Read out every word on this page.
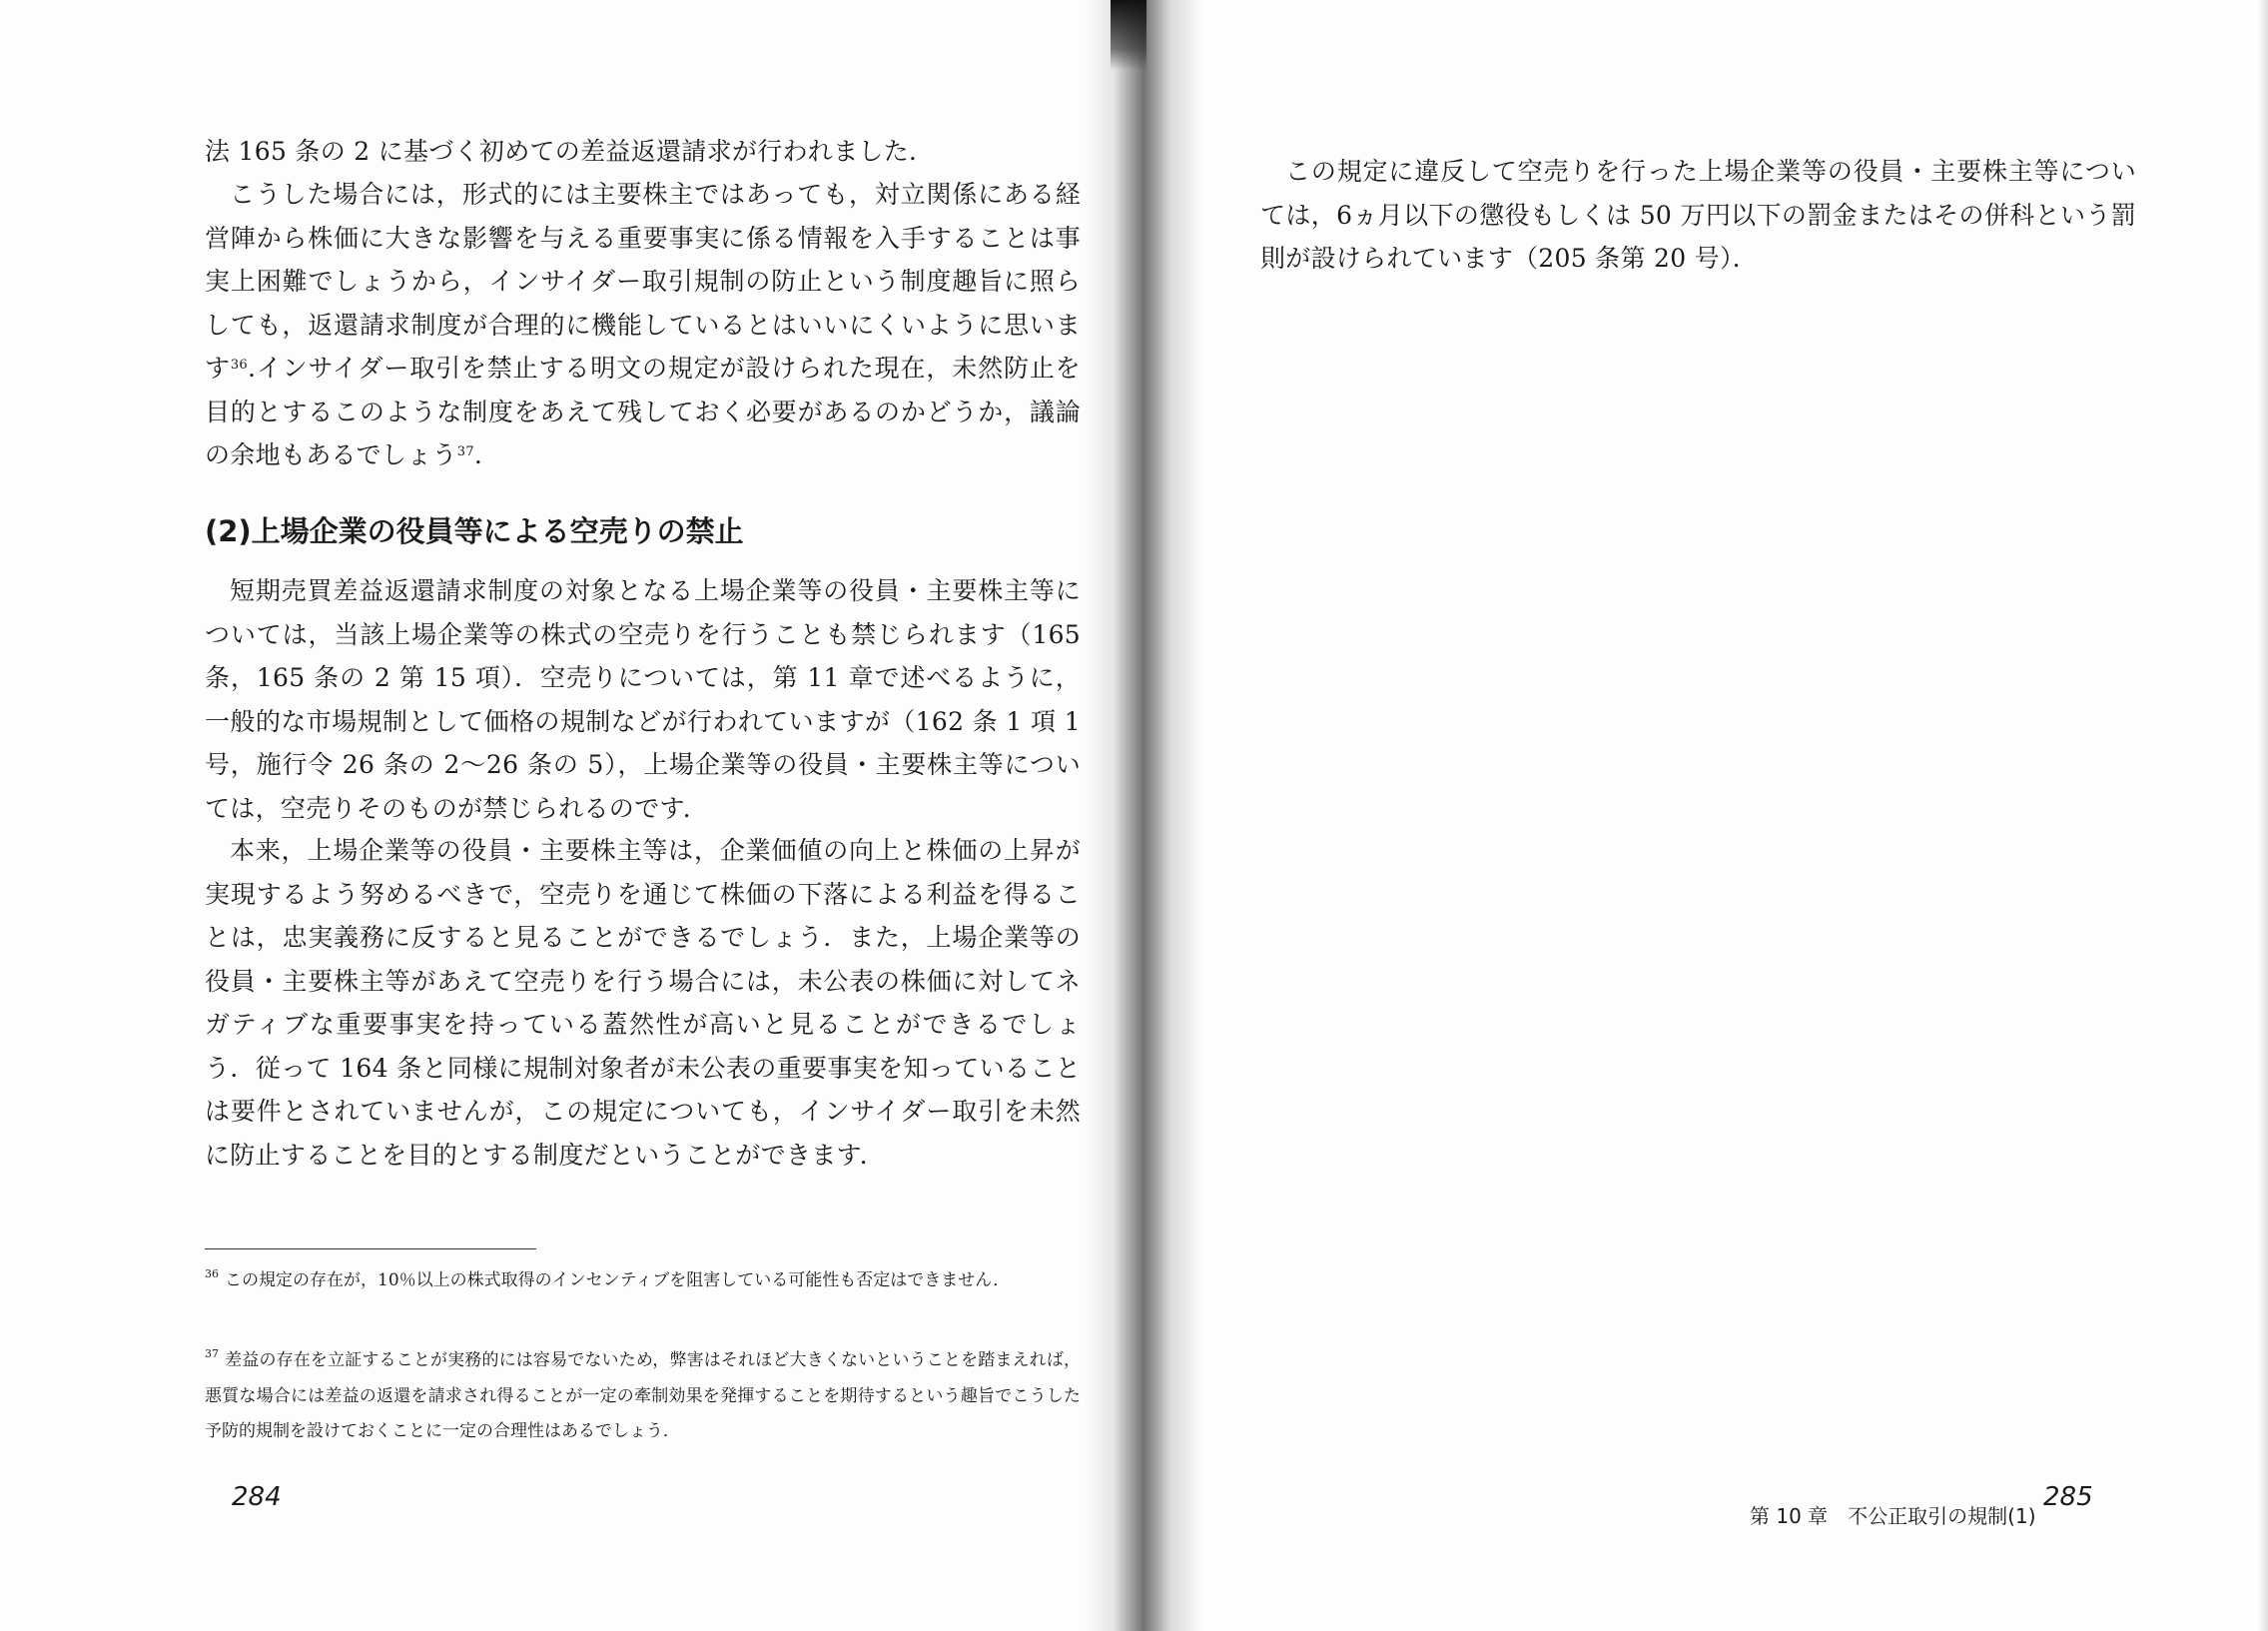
法 165 条の 2 に基づく初めての差益返還請求が行われました．

こうした場合には，形式的には主要株主ではあっても，対立関係にある経営陣から株価に大きな影響を与える重要事実に係る情報を入手することは事実上困難でしょうから，インサイダー取引規制の防止という制度趣旨に照らしても，返還請求制度が合理的に機能しているとはいいにくいように思います$^{36}$.インサイダー取引を禁止する明文の規定が設けられた現在，未然防止を目的とするこのような制度をあえて残しておく必要があるのかどうか，議論の余地もあるでしょう$^{37}$.

(2)上場企業の役員等による空売りの禁止

短期売買差益返還請求制度の対象となる上場企業等の役員・主要株主等については，当該上場企業等の株式の空売りを行うことも禁じられます（165 条，165 条の 2 第 15 項）．空売りについては，第 11 章で述べるように，一般的な市場規制として価格の規制などが行われていますが（162 条 1 項 1 号，施行令 26 条の 2～26 条の 5），上場企業等の役員・主要株主等については，空売りそのものが禁じられるのです．

本来，上場企業等の役員・主要株主等は，企業価値の向上と株価の上昇が実現するよう努めるべきで，空売りを通じて株価の下落による利益を得ることは，忠実義務に反すると見ることができるでしょう．また，上場企業等の役員・主要株主等があえて空売りを行う場合には，未公表の株価に対してネガティブな重要事実を持っている蓋然性が高いと見ることができるでしょう．従って 164 条と同様に規制対象者が未公表の重要事実を知っていることは要件とされていませんが，この規定についても，インサイダー取引を未然に防止することを目的とする制度だということができます．

$^{36}$ この規定の存在が，10％以上の株式取得のインセンティブを阻害している可能性も否定はできません．

$^{37}$ 差益の存在を立証することが実務的には容易でないため，弊害はそれほど大きくないということを踏まえれば，悪質な場合には差益の返還を請求され得ることが一定の牽制効果を発揮することを期待するという趣旨でこうした予防的規制を設けておくことに一定の合理性はあるでしょう．

284

この規定に違反して空売りを行った上場企業等の役員・主要株主等については，6ヵ月以下の懲役もしくは 50 万円以下の罰金またはその併科という罰則が設けられています（205 条第 20 号）．

第 10 章　不公正取引の規制(1)

285
